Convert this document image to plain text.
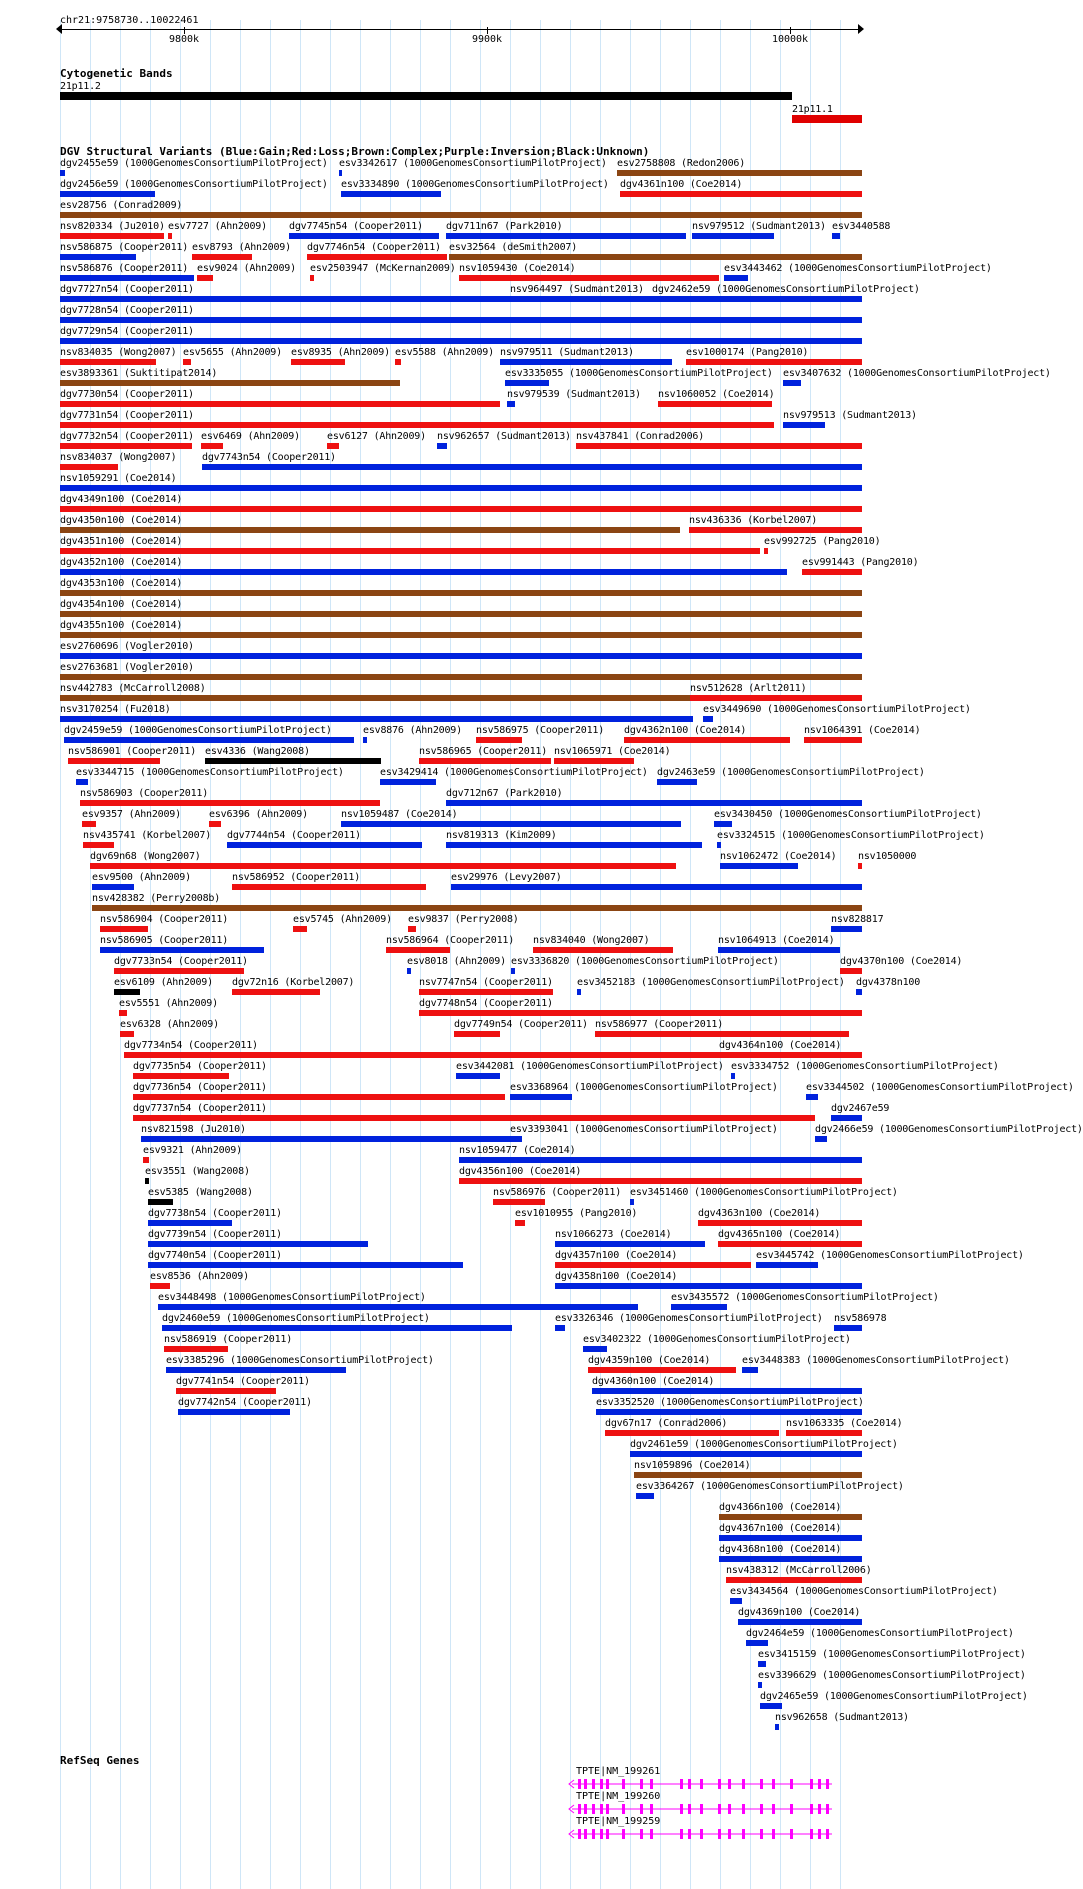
chr21:9758730..10022461
9800k	9900k	10000k
Cytogenetic Bands
21p11.2
21p11.1
DGV Structural Variants (Blue:Gain;Red:Loss;Brown:Complex;Purple:Inversion;Black:Unknown)
dgv2455e59 (1000GenomesConsortiumPilotProject) esv3342617 (1000GenomesConsortiumPilotProject) esv2758808 (Redon2006)
dgv2456e59 (1000GenomesConsortiumPilotProject) esv3334890 (1000GenomesConsortiumPilotProject) dgv4361n100 (Coe2014)
esv28756 (Conrad2009)
nsv820334 (Ju2010) esv7727 (Ahn2009) dgv7745n54 (Cooper2011) dgv711n67 (Park2010)	nsv979512 (Sudmant2013) esv3440588
nsv586875 (Cooper2011) esv8793 (Ahn2009) dgv7746n54 (Cooper2011) esv32564 (deSmith2007)
nsv586876 (Cooper2011) esv9024 (Ahn2009) esv2503947 (McKernan2009) nsv1059430 (Coe2014)	esv3443462 (1000GenomesConsortiumPilotProject)
dgv7727n54 (Cooper2011)	nsv964497 (Sudmant2013) dgv2462e59 (1000GenomesConsortiumPilotProject)
dgv7728n54 (Cooper2011)
dgv7729n54 (Cooper2011)
nsv834035 (Wong2007) esv5655 (Ahn2009) esv8935 (Ahn2009) esv5588 (Ahn2009) nsv979511 (Sudmant2013)	esv1000174 (Pang2010)
esv3893361 (Suktitipat2014)	esv3335055 (1000GenomesConsortiumPilotProject) esv3407632 (1000GenomesConsortiumPilotProject)
dgv7730n54 (Cooper2011)	nsv979539 (Sudmant2013) nsv1060052 (Coe2014)
dgv7731n54 (Cooper2011)	nsv979513 (Sudmant2013)
dgv7732n54 (Cooper2011) esv6469 (Ahn2009)	esv6127 (Ahn2009) nsv962657 (Sudmant2013) nsv437841 (Conrad2006)
nsv834037 (Wong2007)	dgv7743n54 (Cooper2011)
nsv1059291 (Coe2014)
dgv4349n100 (Coe2014)
dgv4350n100 (Coe2014)	nsv436336 (Korbel2007)
dgv4351n100 (Coe2014)	esv992725 (Pang2010)
dgv4352n100 (Coe2014)	esv991443 (Pang2010)
dgv4353n100 (Coe2014)
dgv4354n100 (Coe2014)
dgv4355n100 (Coe2014)
esv2760696 (Vogler2010)
esv2763681 (Vogler2010)
nsv442783 (McCarroll2008)	nsv512628 (Arlt2011)
nsv3170254 (Fu2018)	esv3449690 (1000GenomesConsortiumPilotProject)
dgv2459e59 (1000GenomesConsortiumPilotProject)	esv8876 (Ahn2009) nsv586975 (Cooper2011) dgv4362n100 (Coe2014)	nsv1064391 (Coe2014)
nsv586901 (Cooper2011) esv4336 (Wang2008)	nsv586965 (Cooper2011) nsv1065971 (Coe2014)
esv3344715 (1000GenomesConsortiumPilotProject)	esv3429414 (1000GenomesConsortiumPilotProject) dgv2463e59 (1000GenomesConsortiumPilotProject)
nsv586903 (Cooper2011)	dgv712n67 (Park2010)
esv9357 (Ahn2009)	esv6396 (Ahn2009)	nsv1059487 (Coe2014)	esv3430450 (1000GenomesConsortiumPilotProject)
nsv435741 (Korbel2007) dgv7744n54 (Cooper2011)	nsv819313 (Kim2009)	esv3324515 (1000GenomesConsortiumPilotProject)
dgv69n68 (Wong2007)	nsv1062472 (Coe2014) nsv1050000
esv9500 (Ahn2009)	nsv586952 (Cooper2011)	esv29976 (Levy2007)
nsv428382 (Perry2008b)
nsv586904 (Cooper2011)	esv5745 (Ahn2009) esv9837 (Perry2008)	nsv828817
nsv586905 (Cooper2011)	nsv586964 (Cooper2011) nsv834040 (Wong2007)	nsv1064913 (Coe2014)
dgv7733n54 (Cooper2011)	esv8018 (Ahn2009) esv3336820 (1000GenomesConsortiumPilotProject)	dgv4370n100 (Coe2014)
esv6109 (Ahn2009) dgv72n16 (Korbel2007)	nsv7747n54 (Cooper2011) esv3452183 (1000GenomesConsortiumPilotProject) dgv4378n100
esv5551 (Ahn2009)	dgv7748n54 (Cooper2011)
esv6328 (Ahn2009)	dgv7749n54 (Cooper2011) nsv586977 (Cooper2011)
dgv7734n54 (Cooper2011)	dgv4364n100 (Coe2014)
dgv7735n54 (Cooper2011)	esv3442081 (1000GenomesConsortiumPilotProject) esv3334752 (1000GenomesConsortiumPilotProject)
dgv7736n54 (Cooper2011)	esv3368964 (1000GenomesConsortiumPilotProject)	esv3344502 (1000GenomesConsortiumPilotProject)
dgv7737n54 (Cooper2011)	dgv2467e59
nsv821598 (Ju2010)	esv3393041 (1000GenomesConsortiumPilotProject)	dgv2466e59 (1000GenomesConsortiumPilotProject)
esv9321 (Ahn2009)	nsv1059477 (Coe2014)
esv3551 (Wang2008)	dgv4356n100 (Coe2014)
esv5385 (Wang2008)	nsv586976 (Cooper2011) esv3451460 (1000GenomesConsortiumPilotProject)
dgv7738n54 (Cooper2011)	esv1010955 (Pang2010)	dgv4363n100 (Coe2014)
dgv7739n54 (Cooper2011)	nsv1066273 (Coe2014)	dgv4365n100 (Coe2014)
dgv7740n54 (Cooper2011)	dgv4357n100 (Coe2014)	esv3445742 (1000GenomesConsortiumPilotProject)
esv8536 (Ahn2009)	dgv4358n100 (Coe2014)
esv3448498 (1000GenomesConsortiumPilotProject)	esv3435572 (1000GenomesConsortiumPilotProject)
dgv2460e59 (1000GenomesConsortiumPilotProject)	esv3326346 (1000GenomesConsortiumPilotProject) nsv586978
nsv586919 (Cooper2011)	esv3402322 (1000GenomesConsortiumPilotProject)
esv3385296 (1000GenomesConsortiumPilotProject)	dgv4359n100 (Coe2014)	esv3448383 (1000GenomesConsortiumPilotProject)
dgv7741n54 (Cooper2011)	dgv4360n100 (Coe2014)
dgv7742n54 (Cooper2011)	esv3352520 (1000GenomesConsortiumPilotProject)
dgv67n17 (Conrad2006)	nsv1063335 (Coe2014)
dgv2461e59 (1000GenomesConsortiumPilotProject)
nsv1059896 (Coe2014)
esv3364267 (1000GenomesConsortiumPilotProject)
dgv4366n100 (Coe2014)
dgv4367n100 (Coe2014)
dgv4368n100 (Coe2014)
nsv438312 (McCarroll2006)
esv3434564 (1000GenomesConsortiumPilotProject)
dgv4369n100 (Coe2014)
dgv2464e59 (1000GenomesConsortiumPilotProject)
esv3415159 (1000GenomesConsortiumPilotProject)
esv3396629 (1000GenomesConsortiumPilotProject)
dgv2465e59 (1000GenomesConsortiumPilotProject)
nsv962658 (Sudmant2013)
RefSeq Genes
TPTE|NM_199261
TPTE|NM_199260
TPTE|NM_199259
